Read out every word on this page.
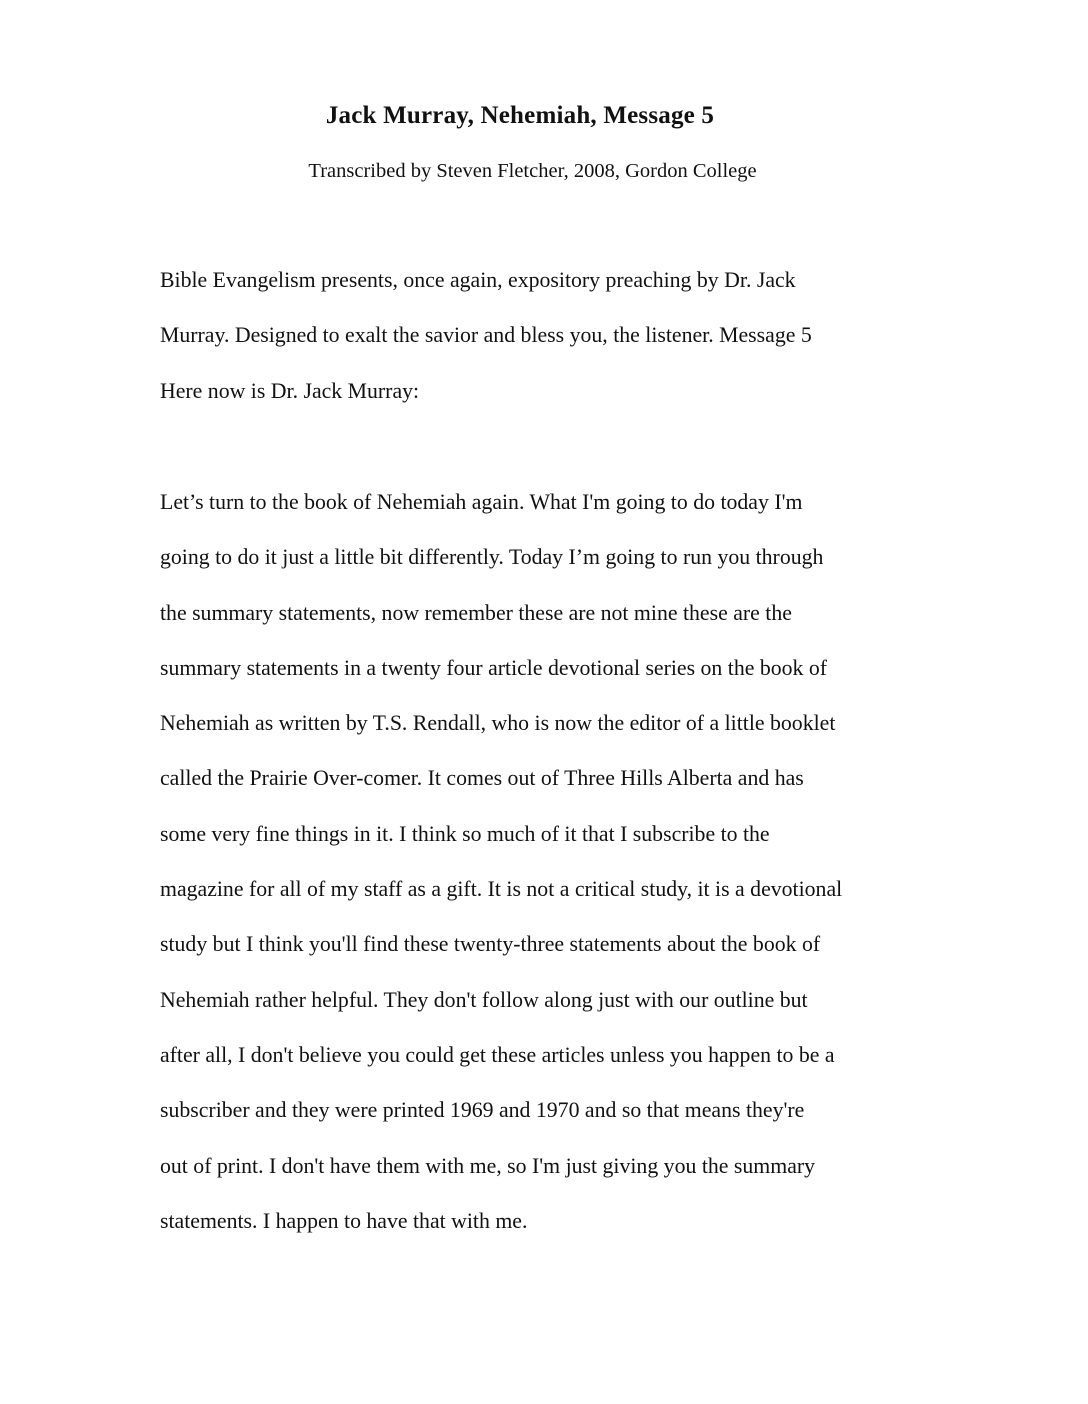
Jack Murray, Nehemiah, Message 5
Transcribed by Steven Fletcher, 2008, Gordon College
Bible Evangelism presents, once again, expository preaching by Dr. Jack
Murray. Designed to exalt the savior and bless you, the listener. Message 5
Here now is Dr. Jack Murray:
Let’s turn to the book of Nehemiah again. What I'm going to do today I'm
going to do it just a little bit differently. Today I’m going to run you through
the summary statements, now remember these are not mine these are the
summary statements in a twenty four article devotional series on the book of
Nehemiah as written by T.S. Rendall, who is now the editor of a little booklet
called the Prairie Over-comer. It comes out of Three Hills Alberta and has
some very fine things in it. I think so much of it that I subscribe to the
magazine for all of my staff as a gift. It is not a critical study, it is a devotional
study but I think you'll find these twenty-three statements about the book of
Nehemiah rather helpful. They don't follow along just with our outline but
after all, I don't believe you could get these articles unless you happen to be a
subscriber and they were printed 1969 and 1970 and so that means they're
out of print. I don't have them with me, so I'm just giving you the summary
statements. I happen to have that with me.
